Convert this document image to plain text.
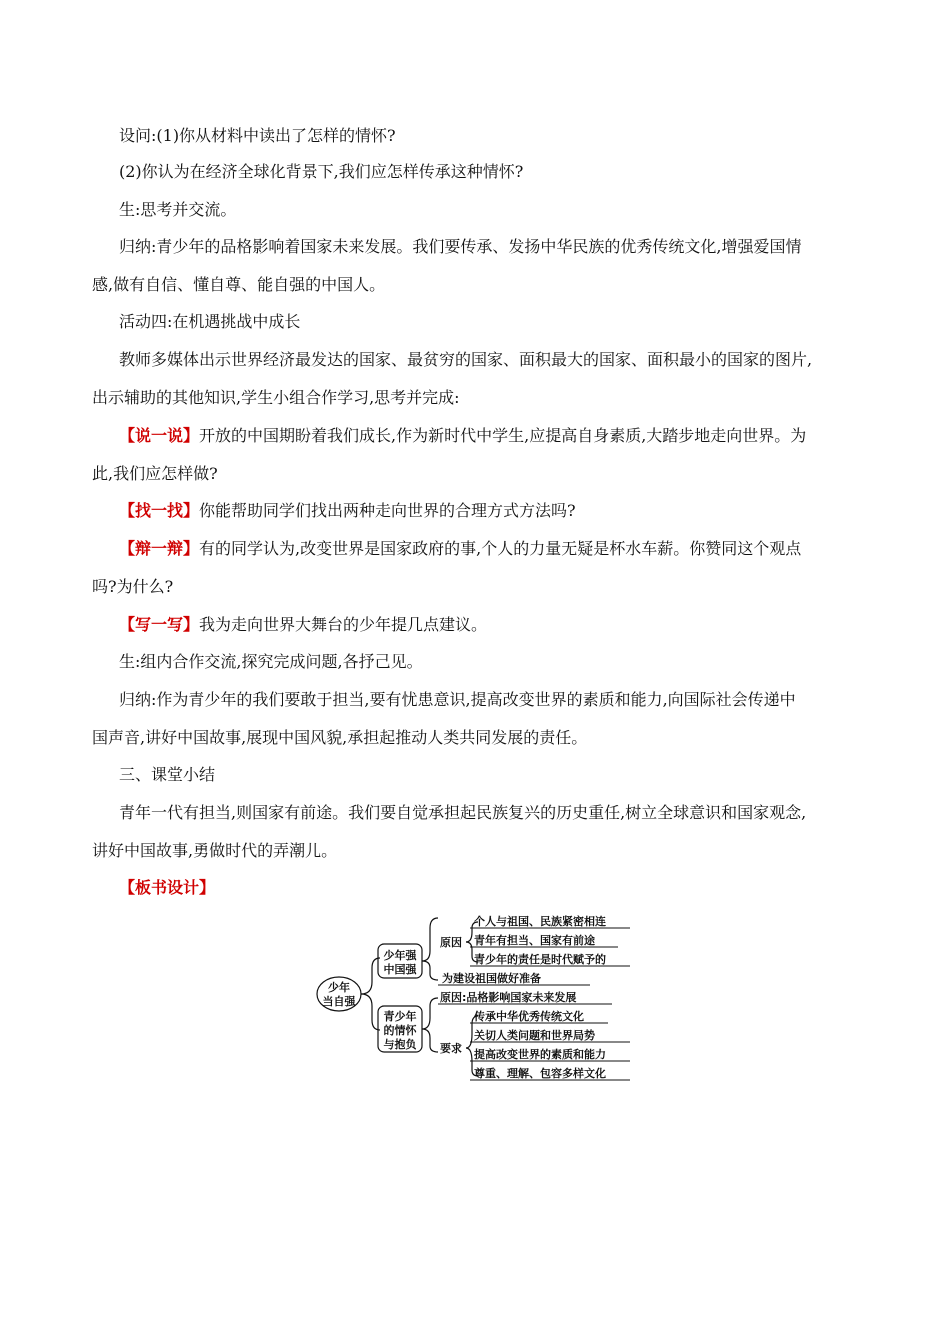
设问:(1)你从材料中读出了怎样的情怀?
(2)你认为在经济全球化背景下,我们应怎样传承这种情怀?
生:思考并交流。
归纳:青少年的品格影响着国家未来发展。我们要传承、发扬中华民族的优秀传统文化,增强爱国情
感,做有自信、懂自尊、能自强的中国人。
活动四:在机遇挑战中成长
教师多媒体出示世界经济最发达的国家、最贫穷的国家、面积最大的国家、面积最小的国家的图片,
出示辅助的其他知识,学生小组合作学习,思考并完成:
【说一说】开放的中国期盼着我们成长,作为新时代中学生,应提高自身素质,大踏步地走向世界。为
此,我们应怎样做?
【找一找】你能帮助同学们找出两种走向世界的合理方式方法吗?
【辩一辩】有的同学认为,改变世界是国家政府的事,个人的力量无疑是杯水车薪。你赞同这个观点
吗?为什么?
【写一写】我为走向世界大舞台的少年提几点建议。
生:组内合作交流,探究完成问题,各抒己见。
归纳:作为青少年的我们要敢于担当,要有忧患意识,提高改变世界的素质和能力,向国际社会传递中
国声音,讲好中国故事,展现中国风貌,承担起推动人类共同发展的责任。
三、课堂小结
青年一代有担当,则国家有前途。我们要自觉承担起民族复兴的历史重任,树立全球意识和国家观念,
讲好中国故事,勇做时代的弄潮儿。
【板书设计】
少年
当自强
少年强
中国强
青少年
的情怀
与抱负
原因
个人与祖国、民族紧密相连
青年有担当、国家有前途
青少年的责任是时代赋予的
为建设祖国做好准备
原因:品格影响国家未来发展
要求
传承中华优秀传统文化
关切人类问题和世界局势
提高改变世界的素质和能力
尊重、理解、包容多样文化
